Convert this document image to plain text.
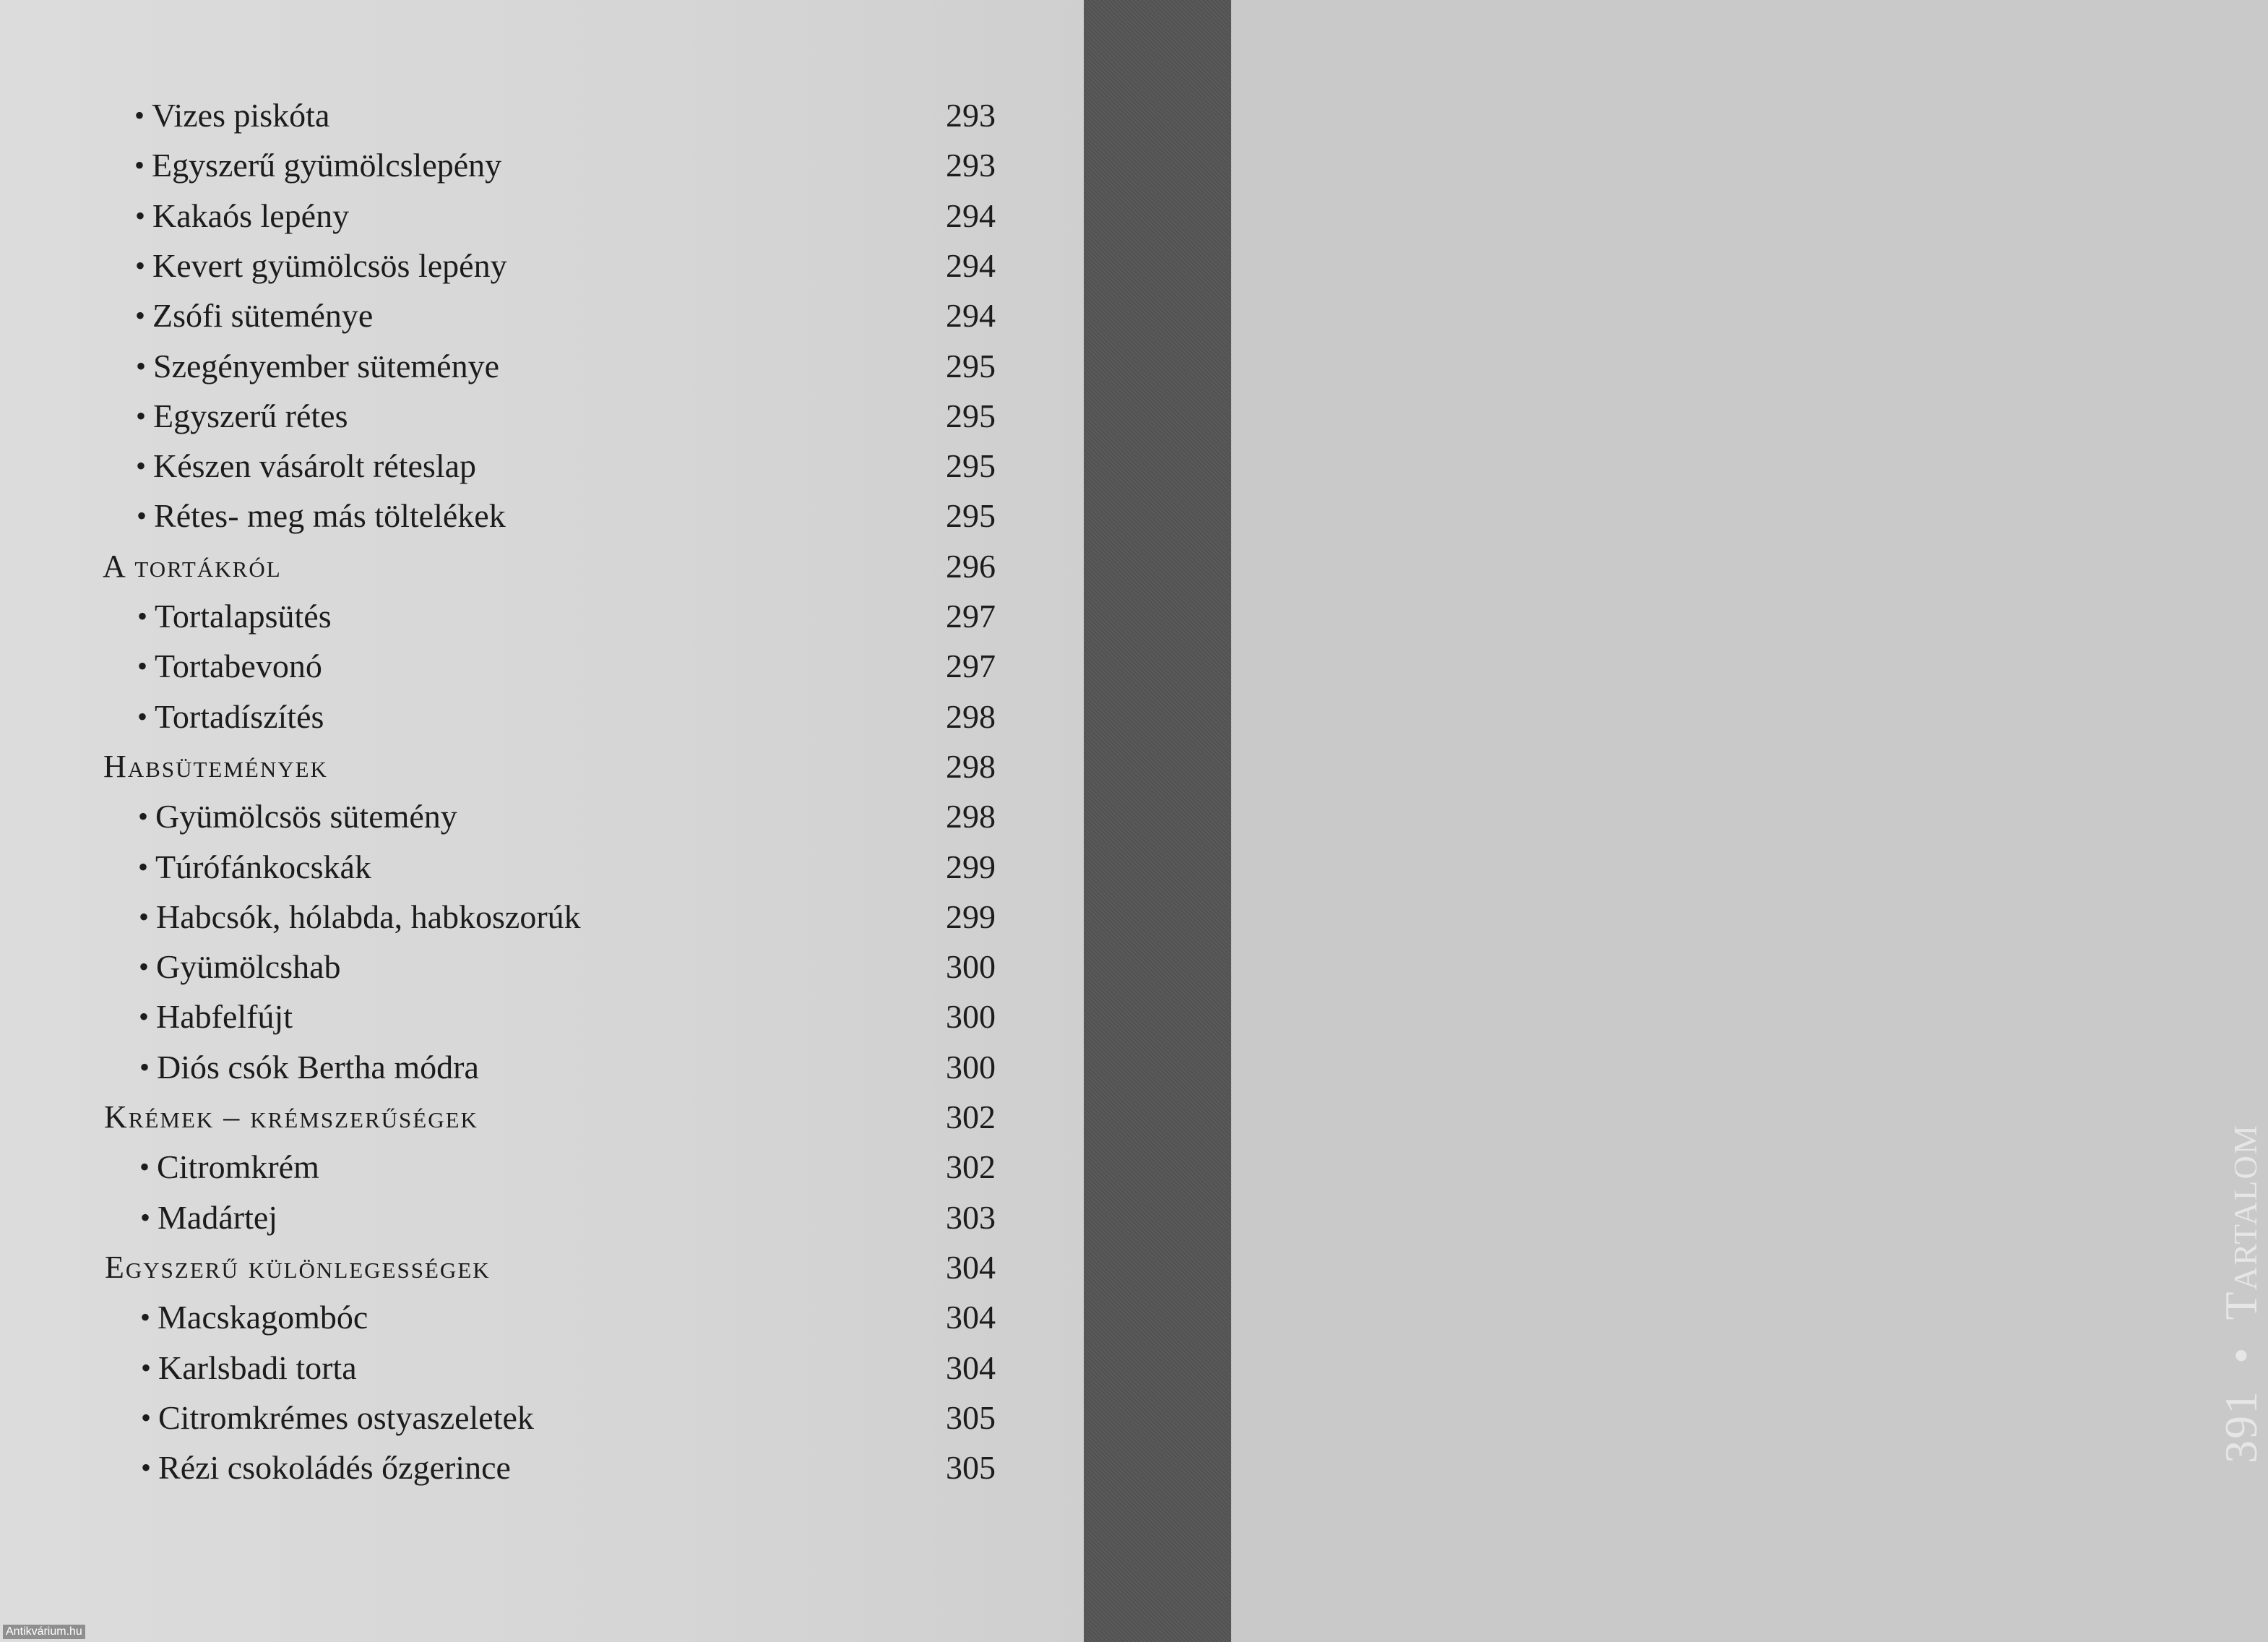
• Vizes piskóta	293
• Egyszerű gyümölcslepény	293
• Kakaós lepény	294
• Kevert gyümölcsös lepény	294
• Zsófi süteménye	294
• Szegényember süteménye	295
• Egyszerű rétes	295
• Készen vásárolt réteslap	295
• Rétes- meg más töltelékek	295
A tortákról	296
• Tortalapsütés	297
• Tortabevonó	297
• Tortadíszítés	298
Habsütemények	298
• Gyümölcsös sütemény	298
• Túrófánkocskák	299
• Habcsók, hólabda, habkoszorúk	299
• Gyümölcshab	300
• Habfelfújt	300
• Diós csók Bertha módra	300
Krémek – krémszerűségek	302
• Citromkrém	302
• Madártej	303
Egyszerű különlegességek	304
• Macskagombóc	304
• Karlsbadi torta	304
• Citromkrémes ostyaszeletek	305
• Rézi csokoládés őzgerince	305
391  •  Tartalom
Antikvárium.hu
